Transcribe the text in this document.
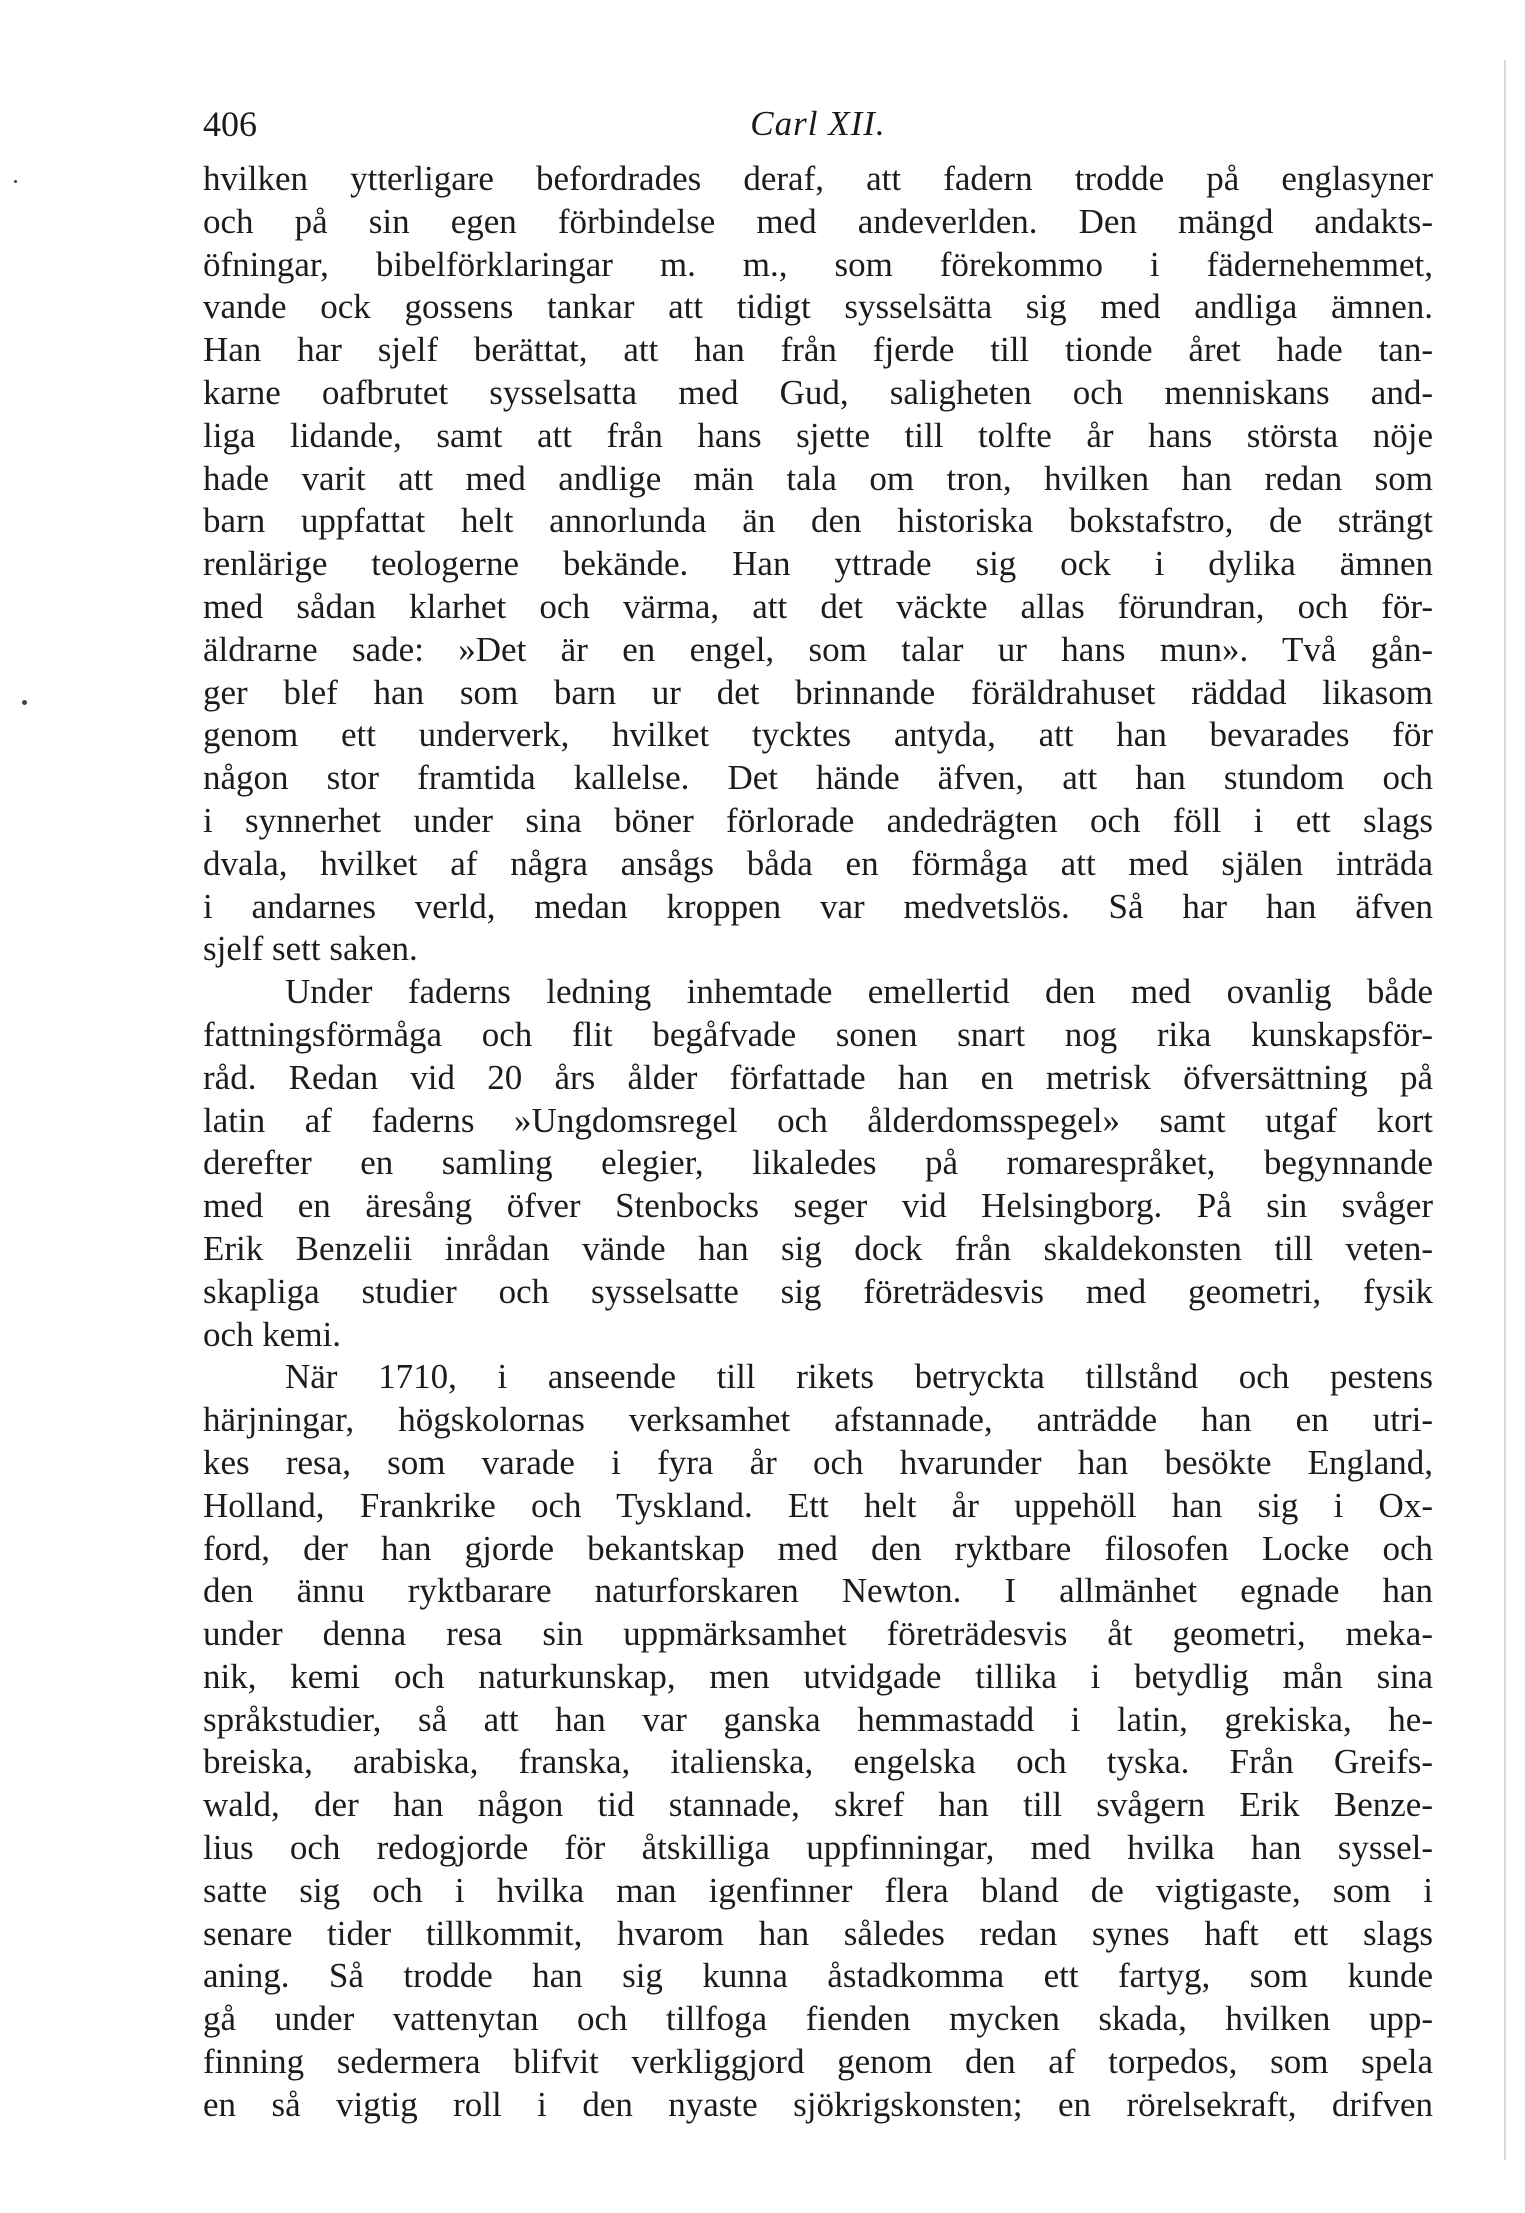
406	Carl XII.
hvilken ytterligare befordrades deraf, att fadern trodde på englasyner
och på sin egen förbindelse med andeverlden. Den mängd andakts-
öfningar, bibelförklaringar m. m., som förekommo i fädernehemmet,
vande ock gossens tankar att tidigt sysselsätta sig med andliga ämnen.
Han har sjelf berättat, att han från fjerde till tionde året hade tan-
karne oafbrutet sysselsatta med Gud, saligheten och menniskans and-
liga lidande, samt att från hans sjette till tolfte år hans största nöje
hade varit att med andlige män tala om tron, hvilken han redan som
barn uppfattat helt annorlunda än den historiska bokstafstro, de strängt
renlärige teologerne bekände. Han yttrade sig ock i dylika ämnen
med sådan klarhet och värma, att det väckte allas förundran, och för-
äldrarne sade: »Det är en engel, som talar ur hans mun». Två gån-
ger blef han som barn ur det brinnande föräldrahuset räddad likasom
genom ett underverk, hvilket tycktes antyda, att han bevarades för
någon stor framtida kallelse. Det hände äfven, att han stundom och
i synnerhet under sina böner förlorade andedrägten och föll i ett slags
dvala, hvilket af några ansågs båda en förmåga att med själen inträda
i andarnes verld, medan kroppen var medvetslös. Så har han äfven
sjelf sett saken.
Under faderns ledning inhemtade emellertid den med ovanlig både
fattningsförmåga och flit begåfvade sonen snart nog rika kunskapsför-
råd. Redan vid 20 års ålder författade han en metrisk öfversättning på
latin af faderns »Ungdomsregel och ålderdomsspegel» samt utgaf kort
derefter en samling elegier, likaledes på romarespråket, begynnande
med en äresång öfver Stenbocks seger vid Helsingborg. På sin svåger
Erik Benzelii inrådan vände han sig dock från skaldekonsten till veten-
skapliga studier och sysselsatte sig företrädesvis med geometri, fysik
och kemi.
När 1710, i anseende till rikets betryckta tillstånd och pestens
härjningar, högskolornas verksamhet afstannade, anträdde han en utri-
kes resa, som varade i fyra år och hvarunder han besökte England,
Holland, Frankrike och Tyskland. Ett helt år uppehöll han sig i Ox-
ford, der han gjorde bekantskap med den ryktbare filosofen Locke och
den ännu ryktbarare naturforskaren Newton. I allmänhet egnade han
under denna resa sin uppmärksamhet företrädesvis åt geometri, meka-
nik, kemi och naturkunskap, men utvidgade tillika i betydlig mån sina
språkstudier, så att han var ganska hemmastadd i latin, grekiska, he-
breiska, arabiska, franska, italienska, engelska och tyska. Från Greifs-
wald, der han någon tid stannade, skref han till svågern Erik Benze-
lius och redogjorde för åtskilliga uppfinningar, med hvilka han syssel-
satte sig och i hvilka man igenfinner flera bland de vigtigaste, som i
senare tider tillkommit, hvarom han således redan synes haft ett slags
aning. Så trodde han sig kunna åstadkomma ett fartyg, som kunde
gå under vattenytan och tillfoga fienden mycken skada, hvilken upp-
finning sedermera blifvit verkliggjord genom den af torpedos, som spela
en så vigtig roll i den nyaste sjökrigskonsten; en rörelsekraft, drifven
